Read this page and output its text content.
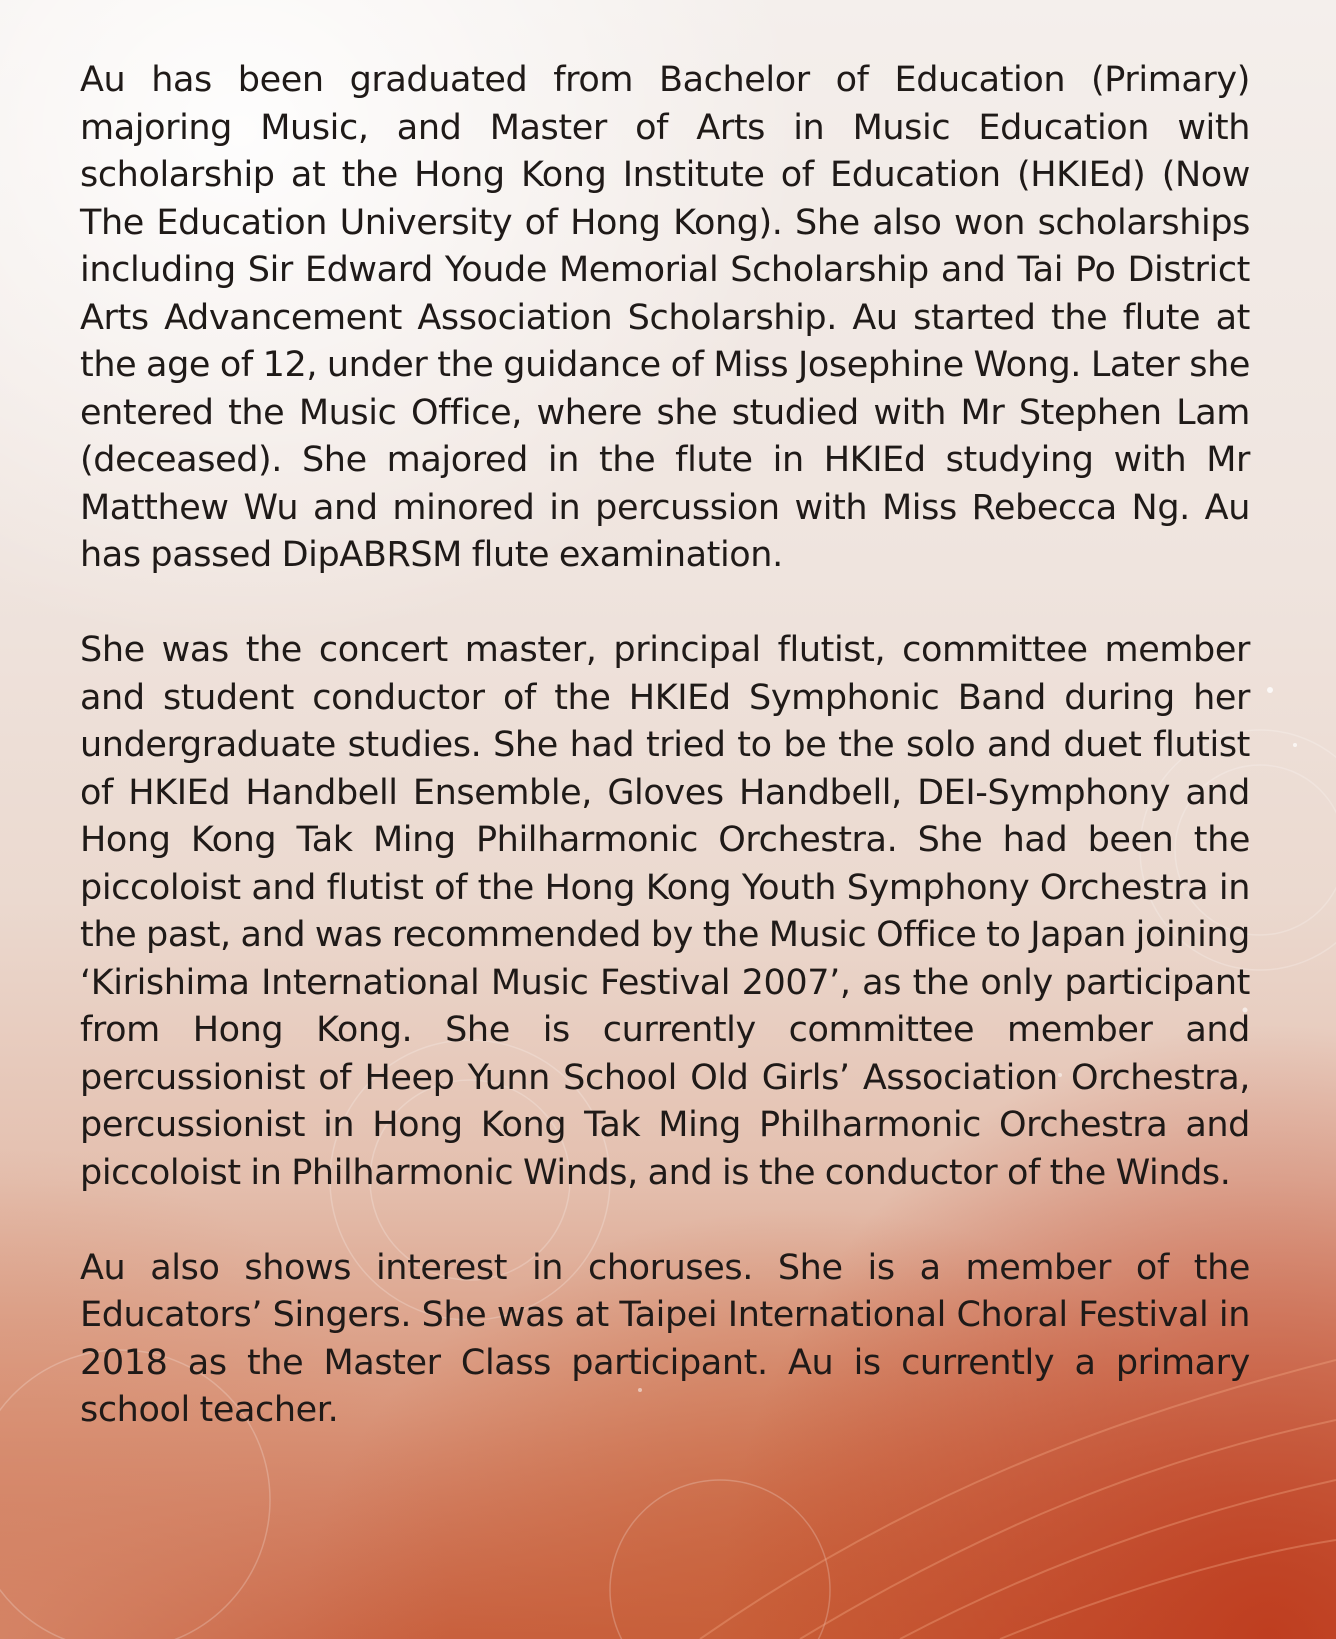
Au has been graduated from Bachelor of Education (Primary) majoring Music, and Master of Arts in Music Education with scholarship at the Hong Kong Institute of Education (HKIEd) (Now The Education University of Hong Kong). She also won scholarships including Sir Edward Youde Memorial Scholarship and Tai Po District Arts Advancement Association Scholarship. Au started the flute at the age of 12, under the guidance of Miss Josephine Wong. Later she entered the Music Office, where she studied with Mr Stephen Lam (deceased). She majored in the flute in HKIEd studying with Mr Matthew Wu and minored in percussion with Miss Rebecca Ng. Au has passed DipABRSM flute examination.

She was the concert master, principal flutist, committee member and student conductor of the HKIEd Symphonic Band during her undergraduate studies. She had tried to be the solo and duet flutist of HKIEd Handbell Ensemble, Gloves Handbell, DEI-Symphony and Hong Kong Tak Ming Philharmonic Orchestra. She had been the piccoloist and flutist of the Hong Kong Youth Symphony Orchestra in the past, and was recommended by the Music Office to Japan joining ‘Kirishima International Music Festival 2007’, as the only participant from Hong Kong. She is currently committee member and percussionist of Heep Yunn School Old Girls’ Association Orchestra, percussionist in Hong Kong Tak Ming Philharmonic Orchestra and piccoloist in Philharmonic Winds, and is the conductor of the Winds.

Au also shows interest in choruses. She is a member of the Educators’ Singers. She was at Taipei International Choral Festival in 2018 as the Master Class participant. Au is currently a primary school teacher.
